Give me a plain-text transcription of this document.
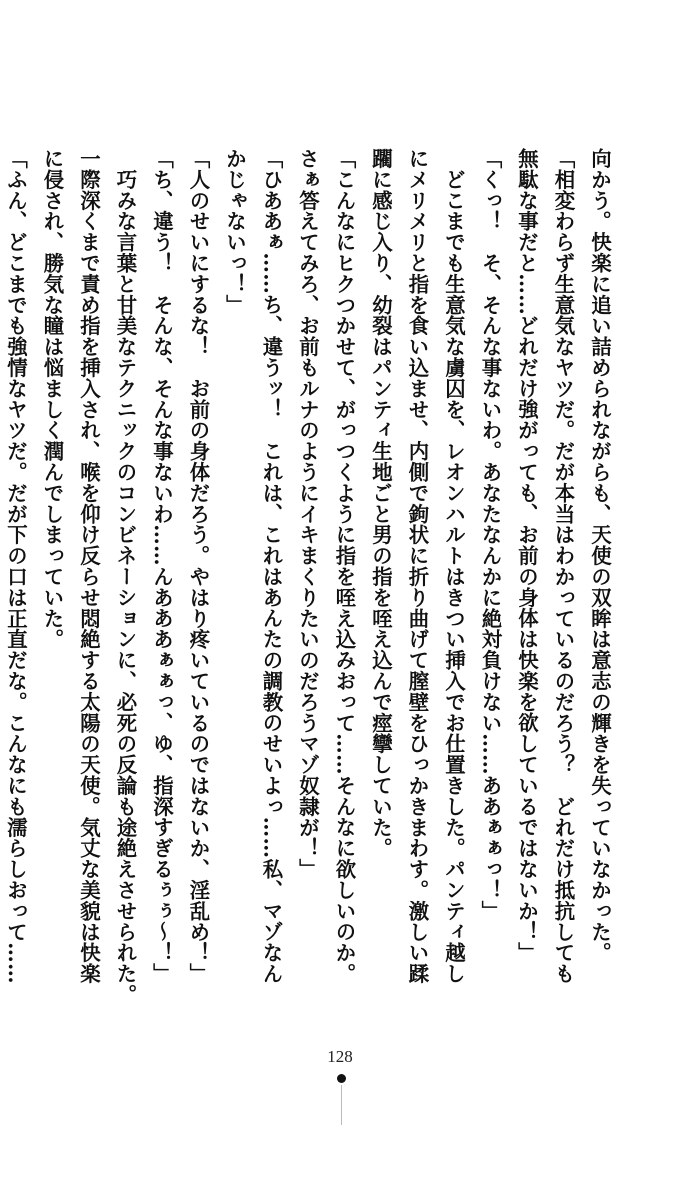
向かう。快楽に追い詰められながらも、天使の双眸は意志の輝きを失っていなかった。

「相変わらず生意気なヤツだ。だが本当はわかっているのだろう？　どれだけ抵抗しても

無駄な事だと……どれだけ強がっても、お前の身体は快楽を欲しているではないか！」

「くっ！　そ、そんな事ないわ。あなたなんかに絶対負けない……ああぁぁっ！」

　どこまでも生意気な虜囚を、レオンハルトはきつい挿入でお仕置きした。パンティ越し

にメリメリと指を食い込ませ、内側で鉤状に折り曲げて膣壁をひっかきまわす。激しい蹂

躙に感じ入り、幼裂はパンティ生地ごと男の指を咥え込んで痙攣していた。

「こんなにヒクつかせて、がっつくように指を咥え込みおって……そんなに欲しいのか。

さぁ答えてみろ、お前もルナのようにイキまくりたいのだろうマゾ奴隷が！」

「ひああぁ……ち、違うッ！　これは、これはあんたの調教のせいよっ……私、マゾなん

かじゃないっ！」

「人のせいにするな！　お前の身体だろう。やはり疼いているのではないか、淫乱め！」

「ち、違う！　そんな、そんな事ないわ……んあああぁぁっ、ゆ、指深すぎるぅぅ～！」

　巧みな言葉と甘美なテクニックのコンビネーションに、必死の反論も途絶えさせられた。

一際深くまで責め指を挿入され、喉を仰け反らせ悶絶する太陽の天使。気丈な美貌は快楽

に侵され、勝気な瞳は悩ましく潤んでしまっていた。

「ふん、どこまでも強情なヤツだ。だが下の口は正直だな。こんなにも濡らしおって……

128
